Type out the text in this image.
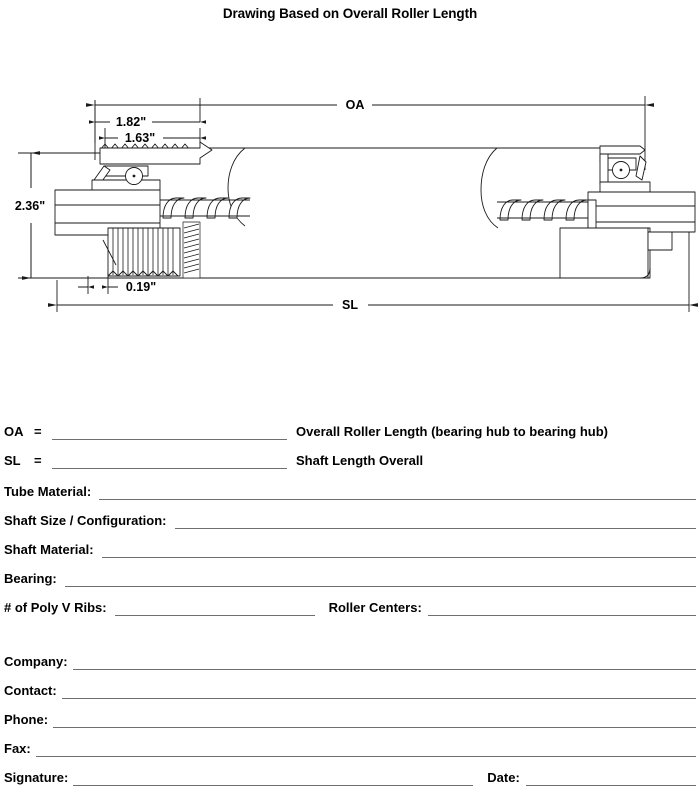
Drawing Based on Overall Roller Length
OA
SL
1.82"
1.63"
2.36"
0.19"
OA =	Overall Roller Length (bearing hub to bearing hub)
SL	=	Shaft Length Overall
Tube Material:
Shaft Size / Configuration:
Shaft Material:
Bearing:
# of Poly V Ribs:	Roller Centers:
Company:
Contact:
Phone:
Fax:
Signature:	Date:
